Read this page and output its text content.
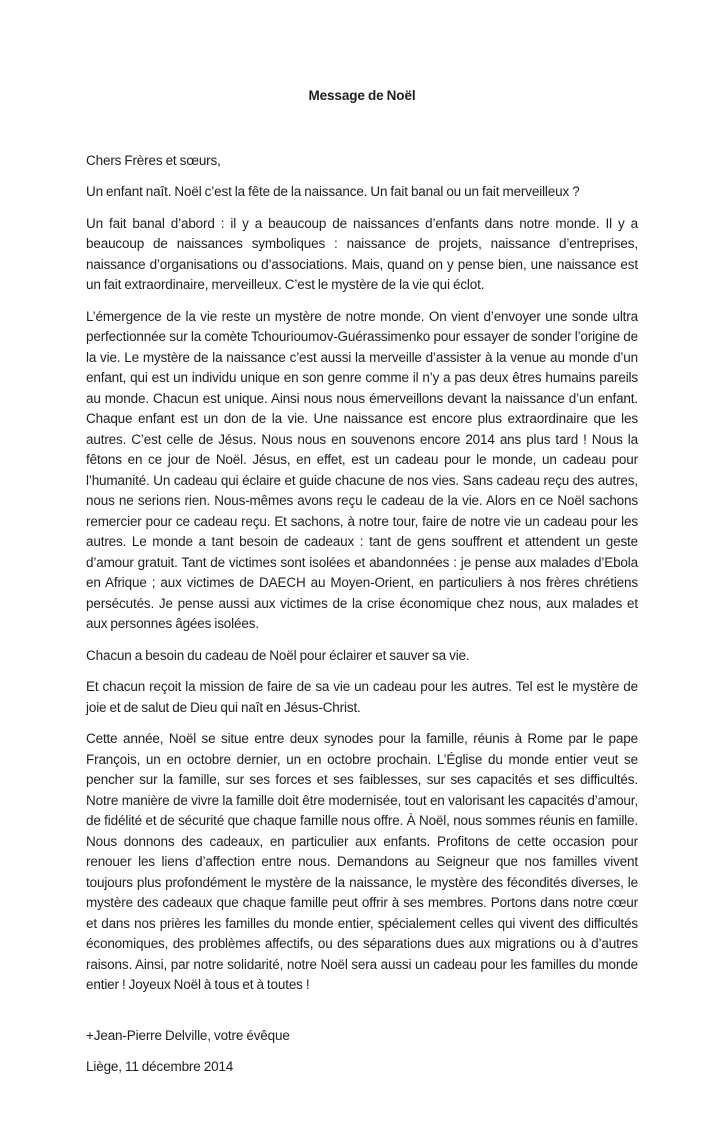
Message de Noël

Chers Frères et sœurs,

Un enfant naît. Noël c’est la fête de la naissance. Un fait banal ou un fait merveilleux ?

Un fait banal d’abord : il y a beaucoup de naissances d’enfants dans notre monde. Il y a beaucoup de naissances symboliques : naissance de projets, naissance d’entreprises, naissance d’organisations ou d’associations. Mais, quand on y pense bien, une naissance est un fait extraordinaire, merveilleux. C’est le mystère de la vie qui éclot.

L’émergence de la vie reste un mystère de notre monde. On vient d’envoyer une sonde ultra perfectionnée sur la comète Tchourioumov-Guérassimenko pour essayer de sonder l’origine de la vie. Le mystère de la naissance c’est aussi la merveille d’assister à la venue au monde d’un enfant, qui est un individu unique en son genre comme il n’y a pas deux êtres humains pareils au monde. Chacun est unique. Ainsi nous nous émerveillons devant la naissance d’un enfant. Chaque enfant est un don de la vie. Une naissance est encore plus extraordinaire que les autres. C’est celle de Jésus. Nous nous en souvenons encore 2014 ans plus tard ! Nous la fêtons en ce jour de Noël. Jésus, en effet, est un cadeau pour le monde, un cadeau pour l’humanité. Un cadeau qui éclaire et guide chacune de nos vies. Sans cadeau reçu des autres, nous ne serions rien. Nous-mêmes avons reçu le cadeau de la vie. Alors en ce Noël sachons remercier pour ce cadeau reçu. Et sachons, à notre tour, faire de notre vie un cadeau pour les autres. Le monde a tant besoin de cadeaux : tant de gens souffrent et attendent un geste d’amour gratuit. Tant de victimes sont isolées et abandonnées : je pense aux malades d’Ebola en Afrique ; aux victimes de DAECH au Moyen-Orient, en particuliers à nos frères chrétiens persécutés. Je pense aussi aux victimes de la crise économique chez nous, aux malades et aux personnes âgées isolées.

Chacun a besoin du cadeau de Noël pour éclairer et sauver sa vie.

Et chacun reçoit la mission de faire de sa vie un cadeau pour les autres. Tel est le mystère de joie et de salut de Dieu qui naît en Jésus-Christ.

Cette année, Noël se situe entre deux synodes pour la famille, réunis à Rome par le pape François, un en octobre dernier, un en octobre prochain. L’Église du monde entier veut se pencher sur la famille, sur ses forces et ses faiblesses, sur ses capacités et ses difficultés. Notre manière de vivre la famille doit être modernisée, tout en valorisant les capacités d’amour, de fidélité et de sécurité que chaque famille nous offre. À Noël, nous sommes réunis en famille. Nous donnons des cadeaux, en particulier aux enfants. Profitons de cette occasion pour renouer les liens d’affection entre nous. Demandons au Seigneur que nos familles vivent toujours plus profondément le mystère de la naissance, le mystère des fécondités diverses, le mystère des cadeaux que chaque famille peut offrir à ses membres. Portons dans notre cœur et dans nos prières les familles du monde entier, spécialement celles qui vivent des difficultés économiques, des problèmes affectifs, ou des séparations dues aux migrations ou à d’autres raisons. Ainsi, par notre solidarité, notre Noël sera aussi un cadeau pour les familles du monde entier ! Joyeux Noël à tous et à toutes !

+Jean-Pierre Delville, votre évêque

Liège, 11 décembre 2014
